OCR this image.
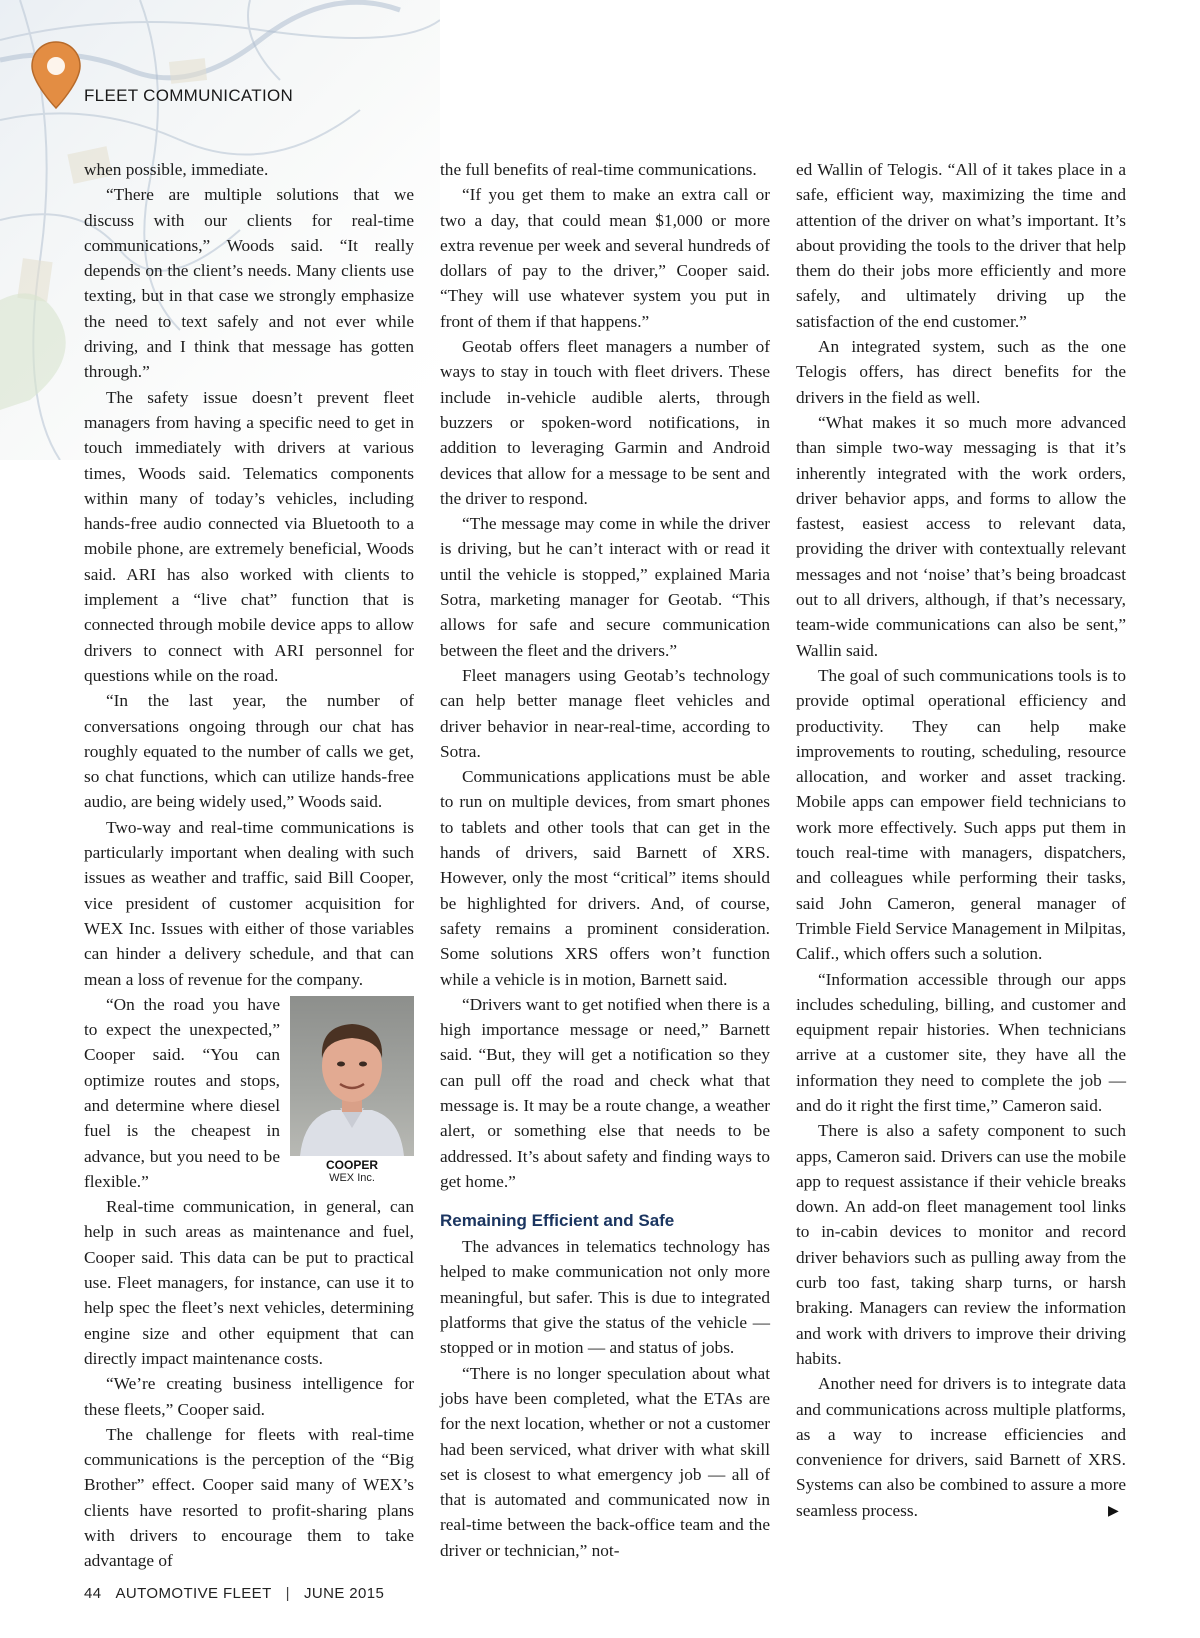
FLEET COMMUNICATION

when possible, immediate.

“There are multiple solutions that we discuss with our clients for real-time communications,” Woods said. “It really depends on the client’s needs. Many clients use texting, but in that case we strongly emphasize the need to text safely and not ever while driving, and I think that message has gotten through.”

The safety issue doesn’t prevent fleet managers from having a specific need to get in touch immediately with drivers at various times, Woods said. Telematics components within many of today’s vehicles, including hands-free audio connected via Bluetooth to a mobile phone, are extremely beneficial, Woods said. ARI has also worked with clients to implement a “live chat” function that is connected through mobile device apps to allow drivers to connect with ARI personnel for questions while on the road.

“In the last year, the number of conversations ongoing through our chat has roughly equated to the number of calls we get, so chat functions, which can utilize hands-free audio, are being widely used,” Woods said.

Two-way and real-time communications is particularly important when dealing with such issues as weather and traffic, said Bill Cooper, vice president of customer acquisition for WEX Inc. Issues with either of those variables can hinder a delivery schedule, and that can mean a loss of revenue for the company.

COOPER
WEX Inc.

“On the road you have to expect the unexpected,” Cooper said. “You can optimize routes and stops, and determine where diesel fuel is the cheapest in advance, but you need to be flexible.”

Real-time communication, in general, can help in such areas as maintenance and fuel, Cooper said. This data can be put to practical use. Fleet managers, for instance, can use it to help spec the fleet’s next vehicles, determining engine size and other equipment that can directly impact maintenance costs.

“We’re creating business intelligence for these fleets,” Cooper said.

The challenge for fleets with real-time communications is the perception of the “Big Brother” effect. Cooper said many of WEX’s clients have resorted to profit-sharing plans with drivers to encourage them to take advantage of

the full benefits of real-time communications.

“If you get them to make an extra call or two a day, that could mean $1,000 or more extra revenue per week and several hundreds of dollars of pay to the driver,” Cooper said. “They will use whatever system you put in front of them if that happens.”

Geotab offers fleet managers a number of ways to stay in touch with fleet drivers. These include in-vehicle audible alerts, through buzzers or spoken-word notifications, in addition to leveraging Garmin and Android devices that allow for a message to be sent and the driver to respond.

“The message may come in while the driver is driving, but he can’t interact with or read it until the vehicle is stopped,” explained Maria Sotra, marketing manager for Geotab. “This allows for safe and secure communication between the fleet and the drivers.”

Fleet managers using Geotab’s technology can help better manage fleet vehicles and driver behavior in near-real-time, according to Sotra.

Communications applications must be able to run on multiple devices, from smart phones to tablets and other tools that can get in the hands of drivers, said Barnett of XRS. However, only the most “critical” items should be highlighted for drivers. And, of course, safety remains a prominent consideration. Some solutions XRS offers won’t function while a vehicle is in motion, Barnett said.

“Drivers want to get notified when there is a high importance message or need,” Barnett said. “But, they will get a notification so they can pull off the road and check what that message is. It may be a route change, a weather alert, or something else that needs to be addressed. It’s about safety and finding ways to get home.”

Remaining Efficient and Safe

The advances in telematics technology has helped to make communication not only more meaningful, but safer. This is due to integrated platforms that give the status of the vehicle — stopped or in motion — and status of jobs.

“There is no longer speculation about what jobs have been completed, what the ETAs are for the next location, whether or not a customer had been serviced, what driver with what skill set is closest to what emergency job — all of that is automated and communicated now in real-time between the back-office team and the driver or technician,” not-

ed Wallin of Telogis. “All of it takes place in a safe, efficient way, maximizing the time and attention of the driver on what’s important. It’s about providing the tools to the driver that help them do their jobs more efficiently and more safely, and ultimately driving up the satisfaction of the end customer.”

An integrated system, such as the one Telogis offers, has direct benefits for the drivers in the field as well.

“What makes it so much more advanced than simple two-way messaging is that it’s inherently integrated with the work orders, driver behavior apps, and forms to allow the fastest, easiest access to relevant data, providing the driver with contextually relevant messages and not ‘noise’ that’s being broadcast out to all drivers, although, if that’s necessary, team-wide communications can also be sent,” Wallin said.

The goal of such communications tools is to provide optimal operational efficiency and productivity. They can help make improvements to routing, scheduling, resource allocation, and worker and asset tracking. Mobile apps can empower field technicians to work more effectively. Such apps put them in touch real-time with managers, dispatchers, and colleagues while performing their tasks, said John Cameron, general manager of Trimble Field Service Management in Milpitas, Calif., which offers such a solution.

“Information accessible through our apps includes scheduling, billing, and customer and equipment repair histories. When technicians arrive at a customer site, they have all the information they need to complete the job — and do it right the first time,” Cameron said.

There is also a safety component to such apps, Cameron said. Drivers can use the mobile app to request assistance if their vehicle breaks down. An add-on fleet management tool links to in-cabin devices to monitor and record driver behaviors such as pulling away from the curb too fast, taking sharp turns, or harsh braking. Managers can review the information and work with drivers to improve their driving habits.

Another need for drivers is to integrate data and communications across multiple platforms, as a way to increase efficiencies and convenience for drivers, said Barnett of XRS. Systems can also be combined to assure a more seamless process.	▶
44 AUTOMOTIVE FLEET | JUNE 2015
